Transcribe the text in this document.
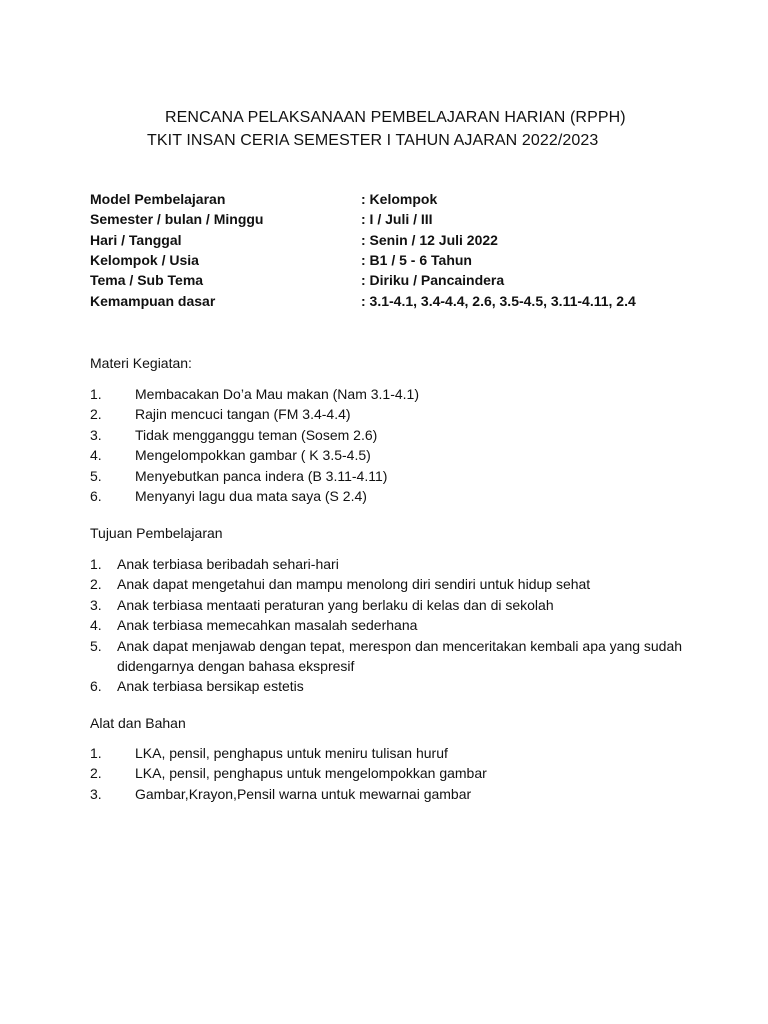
RENCANA PELAKSANAAN PEMBELAJARAN HARIAN (RPPH)
TKIT INSAN CERIA SEMESTER I TAHUN AJARAN 2022/2023
Model Pembelajaran	: Kelompok
Semester / bulan / Minggu	: I / Juli / III
Hari / Tanggal	: Senin / 12 Juli 2022
Kelompok / Usia	: B1 / 5 - 6 Tahun
Tema / Sub Tema	: Diriku / Pancaindera
Kemampuan dasar	: 3.1-4.1, 3.4-4.4, 2.6, 3.5-4.5, 3.11-4.11, 2.4
Materi Kegiatan:
1.	Membacakan Do’a Mau makan (Nam 3.1-4.1)
2.	Rajin mencuci tangan (FM 3.4-4.4)
3.	Tidak mengganggu teman (Sosem 2.6)
4.	Mengelompokkan gambar ( K 3.5-4.5)
5.	Menyebutkan panca indera (B 3.11-4.11)
6.	Menyanyi lagu dua mata saya (S 2.4)
Tujuan Pembelajaran
1.	Anak terbiasa beribadah sehari-hari
2.	Anak dapat mengetahui dan mampu menolong diri sendiri untuk hidup sehat
3.	Anak terbiasa mentaati peraturan yang berlaku di kelas dan di sekolah
4.	Anak terbiasa memecahkan masalah sederhana
5.	Anak dapat menjawab dengan tepat, merespon dan menceritakan kembali apa yang sudah didengarnya dengan bahasa ekspresif
6.	Anak terbiasa bersikap estetis
Alat dan Bahan
1.	LKA, pensil, penghapus untuk meniru tulisan huruf
2.	LKA, pensil, penghapus untuk mengelompokkan gambar
3.	Gambar,Krayon,Pensil warna untuk mewarnai gambar
